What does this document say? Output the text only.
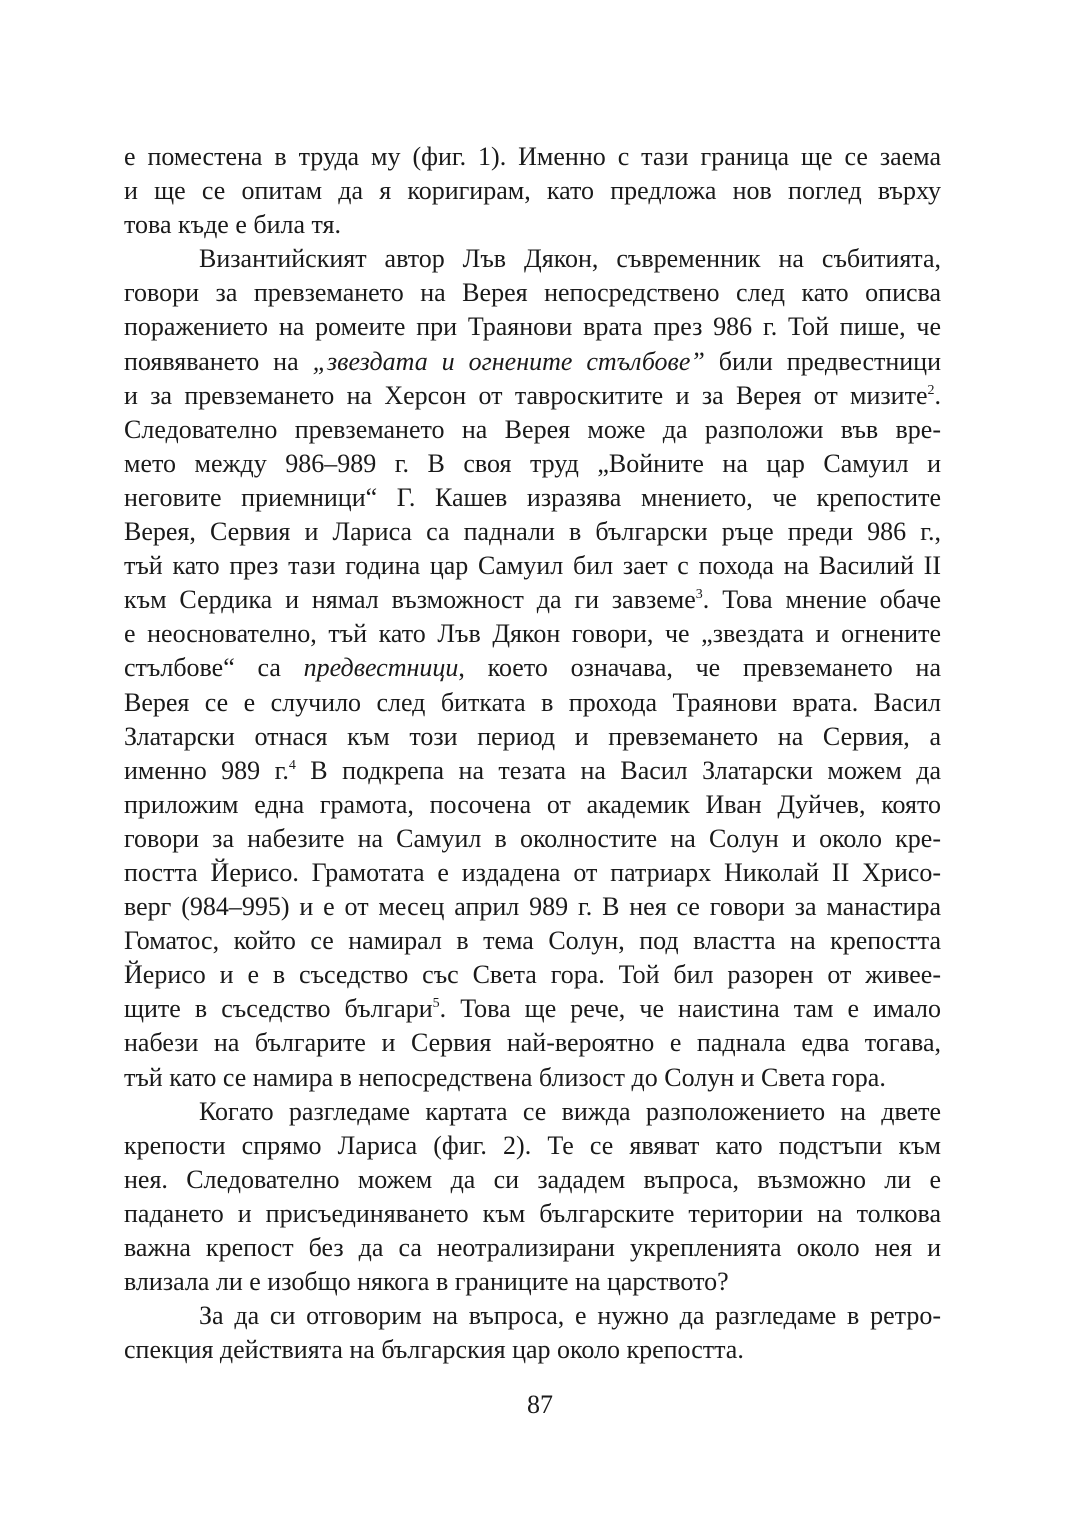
е поместена в труда му (фиг. 1). Именно с тази граница ще се заема
и ще се опитам да я коригирам, като предложа нов поглед върху
това къде е била тя.
Византийският автор Лъв Дякон, съвременник на събитията,
говори за превземането на Верея непосредствено след като описва
поражението на ромеите при Траянови врата през 986 г. Той пише, че
появяването на „звездата и огнените стълбове” били предвестници
и за превземането на Херсон от тавроскитите и за Верея от мизите$^2$.
Следователно превземането на Верея може да разположи във вре-
мето между 986–989 г. В своя труд „Войните на цар Самуил и
неговите приемници“ Г. Кашев изразява мнението, че крепостите
Верея, Сервия и Лариса са паднали в български ръце преди 986 г.,
тъй като през тази година цар Самуил бил зает с похода на Василий II
към Сердика и нямал възможност да ги завземе$^3$. Това мнение обаче
е неоснователно, тъй като Лъв Дякон говори, че „звездата и огнените
стълбове“ са предвестници, което означава, че превземането на
Верея се е случило след битката в прохода Траянови врата. Васил
Златарски отнася към този период и превземането на Сервия, а
именно 989 г.$^4$ В подкрепа на тезата на Васил Златарски можем да
приложим една грамота, посочена от академик Иван Дуйчев, която
говори за набезите на Самуил в околностите на Солун и около кре-
постта Йерисо. Грамотата е издадена от патриарх Николай II Хрисо-
верг (984–995) и е от месец април 989 г. В нея се говори за манастира
Гоматос, който се намирал в тема Солун, под властта на крепостта
Йерисо и е в съседство със Света гора. Той бил разорен от живее-
щите в съседство българи$^5$. Това ще рече, че наистина там е имало
набези на българите и Сервия най-вероятно е паднала едва тогава,
тъй като се намира в непосредствена близост до Солун и Света гора.
Когато разгледаме картата се вижда разположението на двете
крепости спрямо Лариса (фиг. 2). Те се явяват като подстъпи към
нея. Следователно можем да си зададем въпроса, възможно ли е
падането и присъединяването към българските територии на толкова
важна крепост без да са неотрализирани укрепленията около нея и
влизала ли е изобщо някога в границите на царството?
За да си отговорим на въпроса, е нужно да разгледаме в ретро-
спекция действията на българския цар около крепостта.
87
